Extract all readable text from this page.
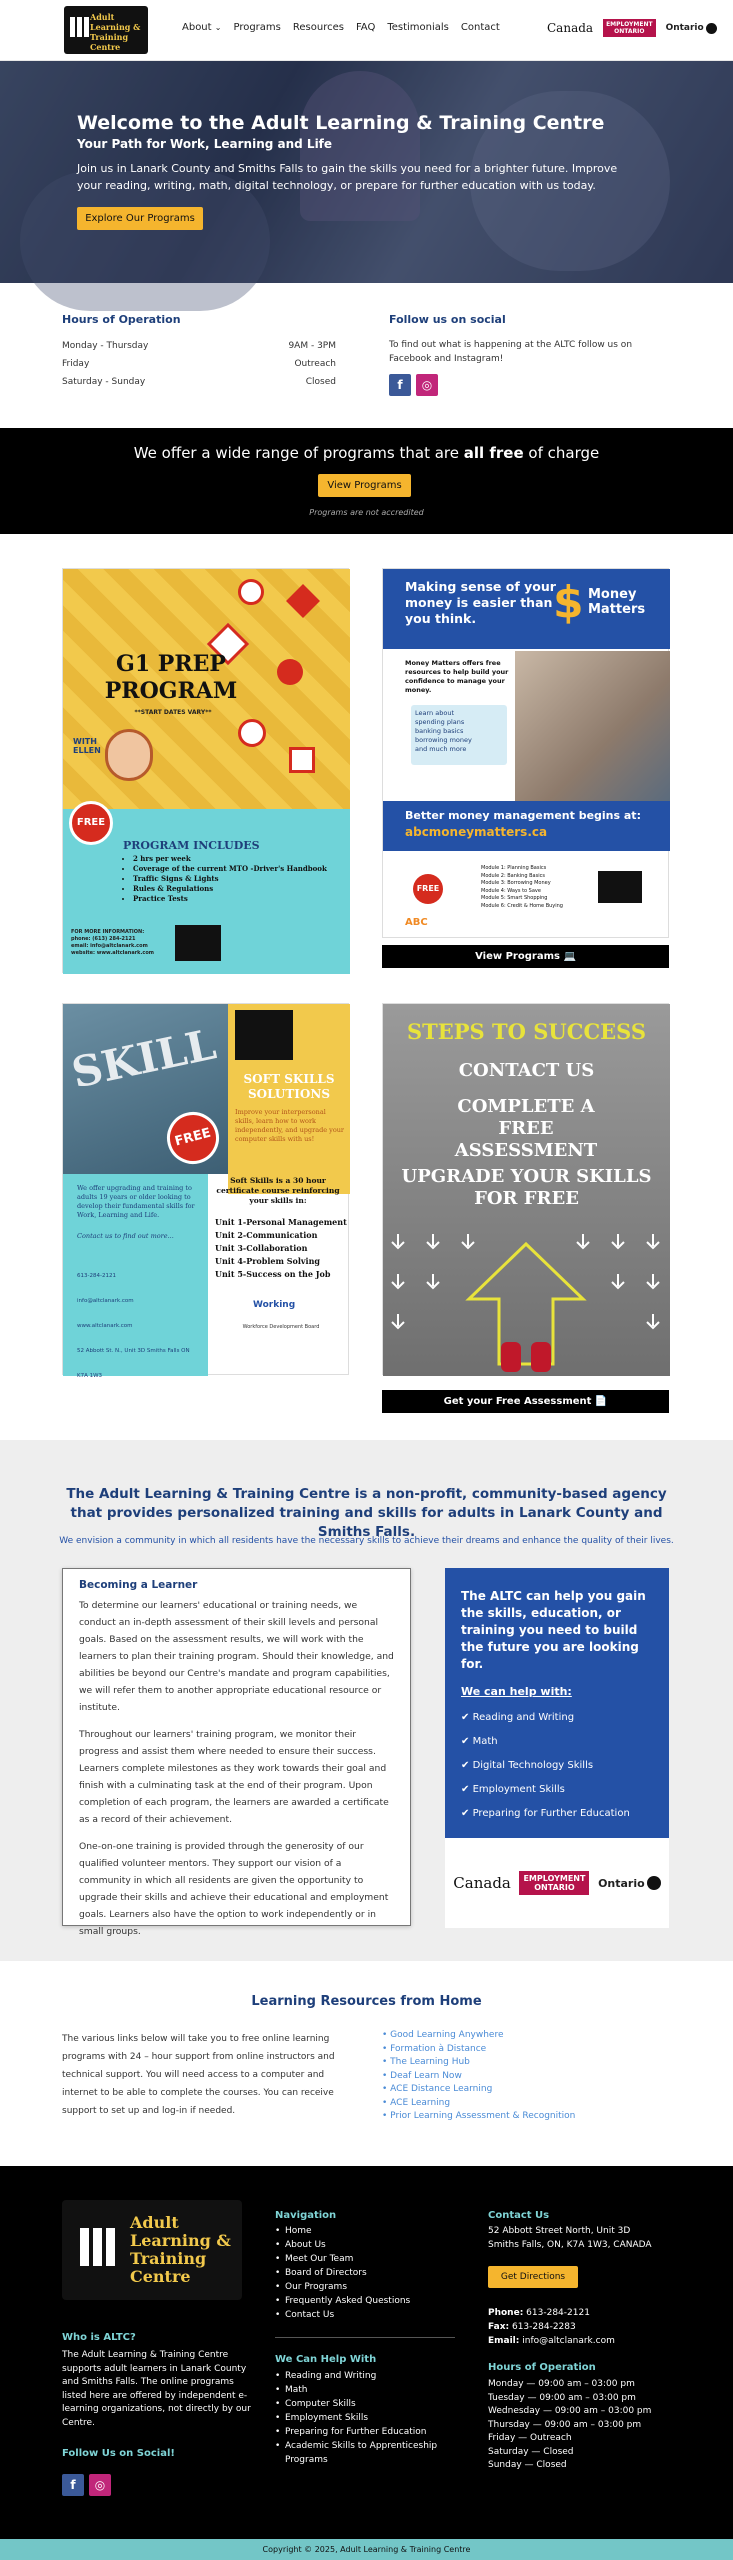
Adult
Learning &
Training
Centre
About ⌄ Programs Resources FAQ Testimonials Contact	Canada EMPLOYMENT
ONTARIO	Ontario
Welcome to the Adult Learning & Training Centre
Your Path for Work, Learning and Life
Join us in Lanark County and Smiths Falls to gain the skills you need for a brighter future. Improve your reading, writing, math, digital technology, or prepare for further education with us today.
Explore Our Programs
Hours of Operation
Monday - Thursday	9AM - 3PM
Friday	Outreach
Saturday - Sunday	Closed
Follow us on social
To find out what is happening at the ALTC follow us on Facebook and Instagram!
f	◎
We offer a wide range of programs that are all free of charge
View Programs
Programs are not accredited
G1 PREP
PROGRAM
**START DATES VARY**
WITH ELLEN
FREE
PROGRAM INCLUDES
• 2 hrs per week
• Coverage of the current MTO -Driver's Handbook
• Traffic Signs & Lights
• Rules & Regulations
• Practice Tests
FOR MORE INFORMATION:
phone: (613) 284-2121
email: info@altclanark.com
website: www.altclanark.com
Making sense of your money is easier than you think.	$ Money
Matters
Money Matters offers free resources to help build your confidence to manage your money.
Learn about
spending plans
banking basics
borrowing money
and much more
Better money management begins at:
abcmoneymatters.ca
FREE
Module 1: Planning Basics
Module 2: Banking Basics
Module 3: Borrowing Money
Module 4: Ways to Save
Module 5: Smart Shopping
Module 6: Credit & Home Buying
ABC
View Programs 💻
SKILL
FREE
SOFT SKILLS
SOLUTIONS
Improve your interpersonal skills, learn how to work independently, and upgrade your computer skills with us!
We offer upgrading and training to adults 19 years or older looking to develop their fundamental skills for Work, Learning and Life.
Contact us to find out more...
613-284-2121
info@altclanark.com
www.altclanark.com
52 Abbott St. N., Unit 3D Smiths Falls ON K7A 1W3
Soft Skills is a 30 hour certificate course reinforcing your skills in:
Unit 1-Personal Management
Unit 2-Communication
Unit 3-Collaboration
Unit 4-Problem Solving
Unit 5-Success on the Job
Working
Workforce Development Board
STEPS TO SUCCESS
CONTACT US
COMPLETE A FREE ASSESSMENT
UPGRADE YOUR SKILLS FOR FREE
Get your Free Assessment 📄
The Adult Learning & Training Centre is a non-profit, community-based agency that provides personalized training and skills for adults in Lanark County and Smiths Falls.
We envision a community in which all residents have the necessary skills to achieve their dreams and enhance the quality of their lives.
Becoming a Learner

To determine our learners' educational or training needs, we conduct an in-depth assessment of their skill levels and personal goals. Based on the assessment results, we will work with the learners to plan their training program. Should their knowledge, and abilities be beyond our Centre's mandate and program capabilities, we will refer them to another appropriate educational resource or institute.

Throughout our learners' training program, we monitor their progress and assist them where needed to ensure their success. Learners complete milestones as they work towards their goal and finish with a culminating task at the end of their program. Upon completion of each program, the learners are awarded a certificate as a record of their achievement.

One-on-one training is provided through the generosity of our qualified volunteer mentors. They support our vision of a community in which all residents are given the opportunity to upgrade their skills and achieve their educational and employment goals. Learners also have the option to work independently or in small groups.

The ALTC can help you gain the skills, education, or training you need to build the future you are looking for.
We can help with:
✔ Reading and Writing
✔ Math
✔ Digital Technology Skills
✔ Employment Skills
✔ Preparing for Further Education
Canada EMPLOYMENT
ONTARIO	Ontario
Learning Resources from Home
The various links below will take you to free online learning programs with 24 – hour support from online instructors and technical support. You will need access to a computer and internet to be able to complete the courses. You can receive support to set up and log-in if needed.
• Good Learning Anywhere
• Formation à Distance
• The Learning Hub
• Deaf Learn Now
• ACE Distance Learning
• ACE Learning
• Prior Learning Assessment & Recognition
Adult
Learning &
Training
Centre
Who is ALTC?
The Adult Learning & Training Centre supports adult learners in Lanark County and Smiths Falls. The online programs listed here are offered by independent e-learning organizations, not directly by our Centre.
Follow Us on Social!
f	◎
Navigation
• Home
• About Us
• Meet Our Team
• Board of Directors
• Our Programs
• Frequently Asked Questions
• Contact Us
We Can Help With
• Reading and Writing
• Math
• Computer Skills
• Employment Skills
• Preparing for Further Education
• Academic Skills to Apprenticeship Programs
Contact Us
52 Abbott Street North, Unit 3D
Smiths Falls, ON, K7A 1W3, CANADA
Get Directions
Phone: 613-284-2121
Fax: 613-284-2283
Email: info@altclanark.com
Hours of Operation
Monday — 09:00 am – 03:00 pm
Tuesday — 09:00 am – 03:00 pm
Wednesday — 09:00 am – 03:00 pm
Thursday — 09:00 am – 03:00 pm
Friday — Outreach
Saturday — Closed
Sunday — Closed
Copyright © 2025, Adult Learning & Training Centre
